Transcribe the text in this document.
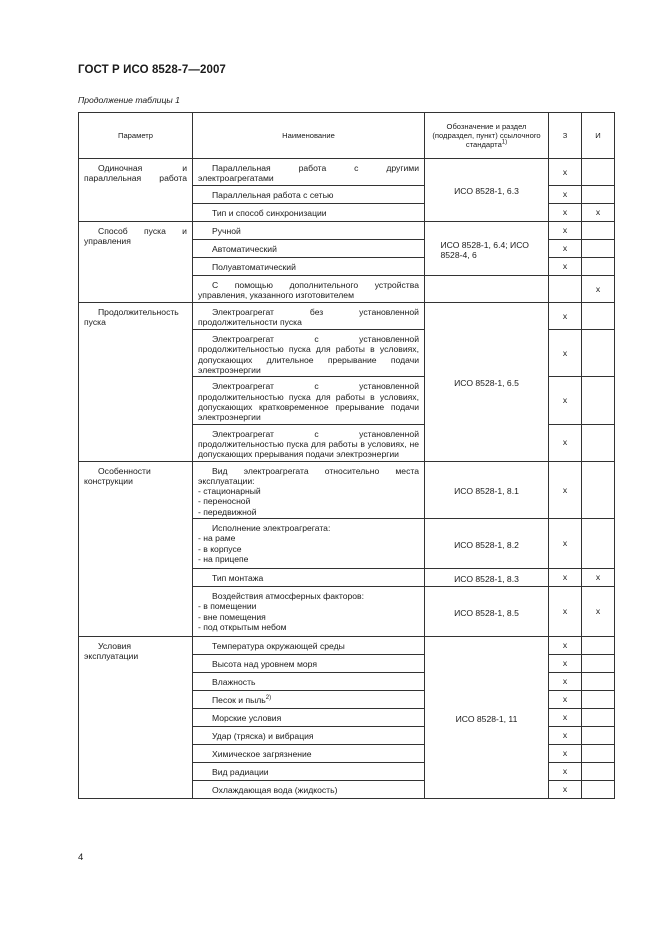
ГОСТ Р ИСО 8528-7—2007
Продолжение таблицы 1
Параметр	Наименование	Обозначение и раздел (подраздел, пункт) ссылочного стандарта$^{1)}$	З	И
Одиночная и параллельная работа	Параллельная работа с другими электроагрегатами	ИСО 8528-1, 6.3	х	
	Параллельная работа с сетью		х	
	Тип и способ синхронизации		х	х
Способ пуска и управления	Ручной	ИСО 8528-1, 6.4; ИСО 8528-4, 6	х	
	Автоматический		х	
	Полуавтоматический		х	
	С помощью дополнительного устройства управления, указанного изготовителем			х
Продолжительность пуска	Электроагрегат без установленной продолжительности пуска	ИСО 8528-1, 6.5	х	
	Электроагрегат с установленной продолжительностью пуска для работы в условиях, допускающих длительное прерывание подачи электроэнергии		х	
	Электроагрегат с установленной продолжительностью пуска для работы в условиях, допускающих кратковременное прерывание подачи электроэнергии		х	
	Электроагрегат с установленной продолжительностью пуска для работы в условиях, не допускающих прерывания подачи электроэнергии		х	
Особенности конструкции	Вид электроагрегата относительно места эксплуатации:
- стационарный
- переносной
- передвижной	ИСО 8528-1, 8.1	х	
	Исполнение электроагрегата:
- на раме
- в корпусе
- на прицепе	ИСО 8528-1, 8.2	х	
	Тип монтажа	ИСО 8528-1, 8.3	х	х
	Воздействия атмосферных факторов:
- в помещении
- вне помещения
- под открытым небом	ИСО 8528-1, 8.5	х	х
Условия эксплуатации	Температура окружающей среды	ИСО 8528-1, 11	х	
	Высота над уровнем моря		х	
	Влажность		х	
	Песок и пыль$^{2)}$		х	
	Морские условия		х	
	Удар (тряска) и вибрация		х	
	Химическое загрязнение		х	
	Вид радиации		х	
	Охлаждающая вода (жидкость)		х	
4
